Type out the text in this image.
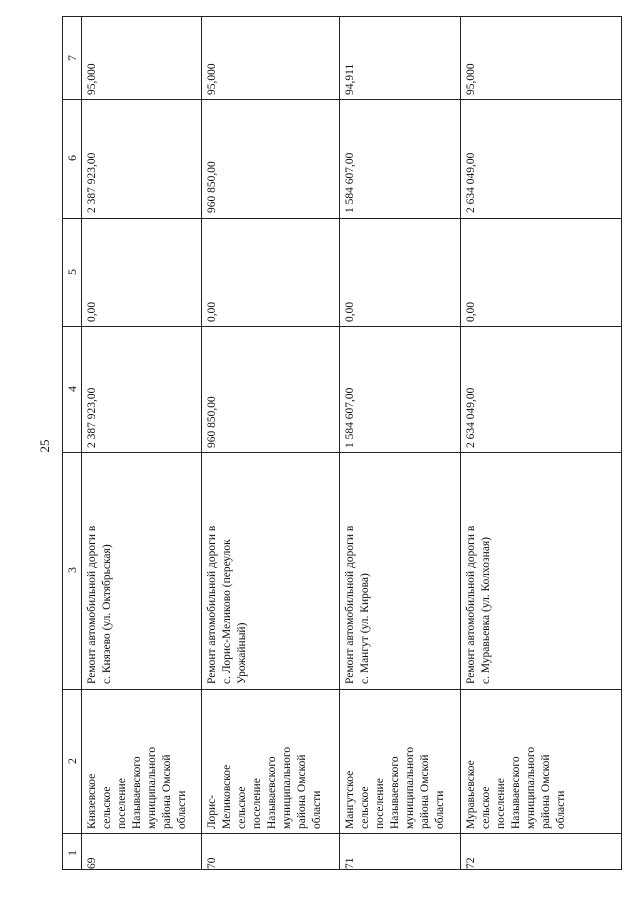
25
1
2
3
4
5
6
7
69
Князевское
сельское
поселение
Называевского
муниципального
района Омской
области
Ремонт автомобильной дороги в
с. Князево (ул. Октябрьская)
2 387 923,00
0,00
2 387 923,00
95,000
70
Лорис-
Меликовское
сельское
поселение
Называевского
муниципального
района Омской
области
Ремонт автомобильной дороги в
с. Лорис-Меликово (переулок
Урожайный)
960 850,00
0,00
960 850,00
95,000
71
Мангутское
сельское
поселение
Называевского
муниципального
района Омской
области
Ремонт автомобильной дороги в
с. Мангут (ул. Кирова)
1 584 607,00
0,00
1 584 607,00
94,911
72
Муравьевское
сельское
поселение
Называевского
муниципального
района Омской
области
Ремонт автомобильной дороги в
с. Муравьевка (ул. Колхозная)
2 634 049,00
0,00
2 634 049,00
95,000
